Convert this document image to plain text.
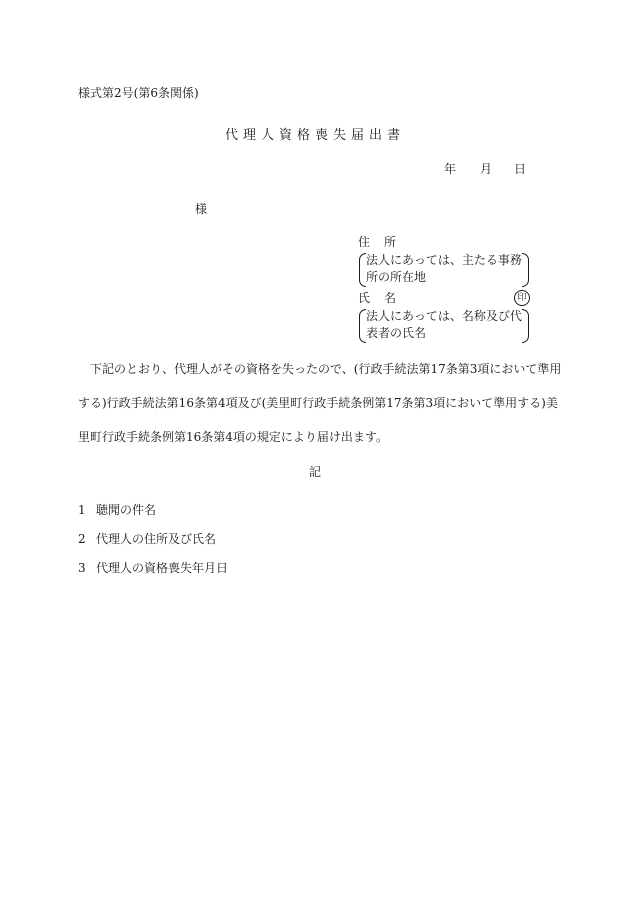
様式第2号(第6条関係)
代理人資格喪失届出書
年 月 日
様
住 所
法人にあっては、主たる事務
所の所在地
氏 名	印
法人にあっては、名称及び代
表者の氏名
　下記のとおり、代理人がその資格を失ったので、(行政手続法第17条第3項において準用
する)行政手続法第16条第4項及び(美里町行政手続条例第17条第3項において準用する)美
里町行政手続条例第16条第4項の規定により届け出ます。
記
1 聴聞の件名
2 代理人の住所及び氏名
3 代理人の資格喪失年月日
